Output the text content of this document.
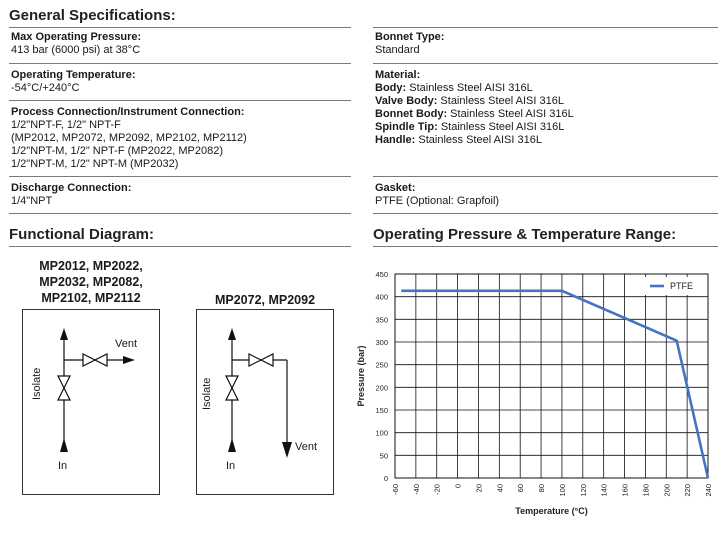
General Specifications:
Max Operating Pressure:
413 bar (6000 psi) at 38°C
Operating Temperature:
-54°C/+240°C
Process Connection/Instrument Connection:
1/2"NPT-F, 1/2" NPT-F
(MP2012, MP2072, MP2092, MP2102, MP2112)
1/2"NPT-M, 1/2" NPT-F (MP2022, MP2082)
1/2"NPT-M, 1/2" NPT-M (MP2032)
Discharge Connection:
1/4"NPT
Bonnet Type:
Standard
Material:
Body: Stainless Steel AISI 316L
Valve Body: Stainless Steel AISI 316L
Bonnet Body: Stainless Steel AISI 316L
Spindle Tip: Stainless Steel AISI 316L
Handle: Stainless Steel AISI 316L
Gasket:
PTFE (Optional: Grapfoil)
Functional Diagram:
MP2012, MP2022,
MP2032, MP2082,
MP2102, MP2112	MP2072, MP2092
Vent
Isolate
In
Vent
Isolate
In
Operating Pressure & Temperature Range:
-60 -40 -20 0 20 40 60 80 100 120 140 160 180 200 220 240
0
50
100
150
200
250
300
350
400
450
PTFE
Temperature (°C)
Pressure (bar)
